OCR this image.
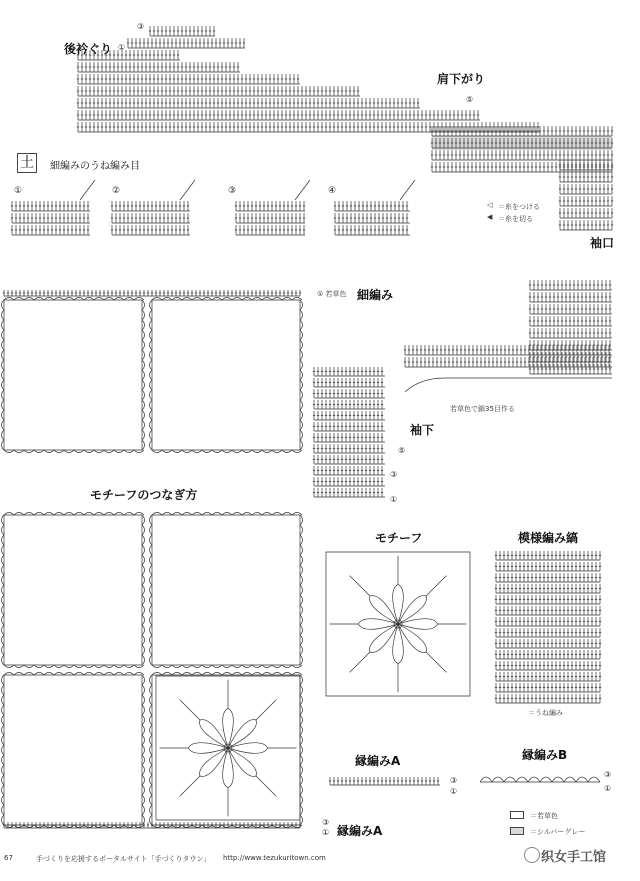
後衿ぐり
肩下がり
袖口
袖下
細編み
モチーフのつなぎ方
モチーフ	模様編み縞
縁編みA	縁編みB
縁編みA
③
①
⑤
⑤
③
①
③
①
③
①
③
①
⼟	細編みのうね編み目
①	②	③	④
◁ ＝糸をつける
◀ ＝糸を切る
① 若草色
若草色で鎖35目作る
＝うね編み
＝若草色
＝シルバーグレー
67	手づくりを応援するポータルサイト「手づくりタウン」 http://www.tezukuritown.com	织女手工馆
